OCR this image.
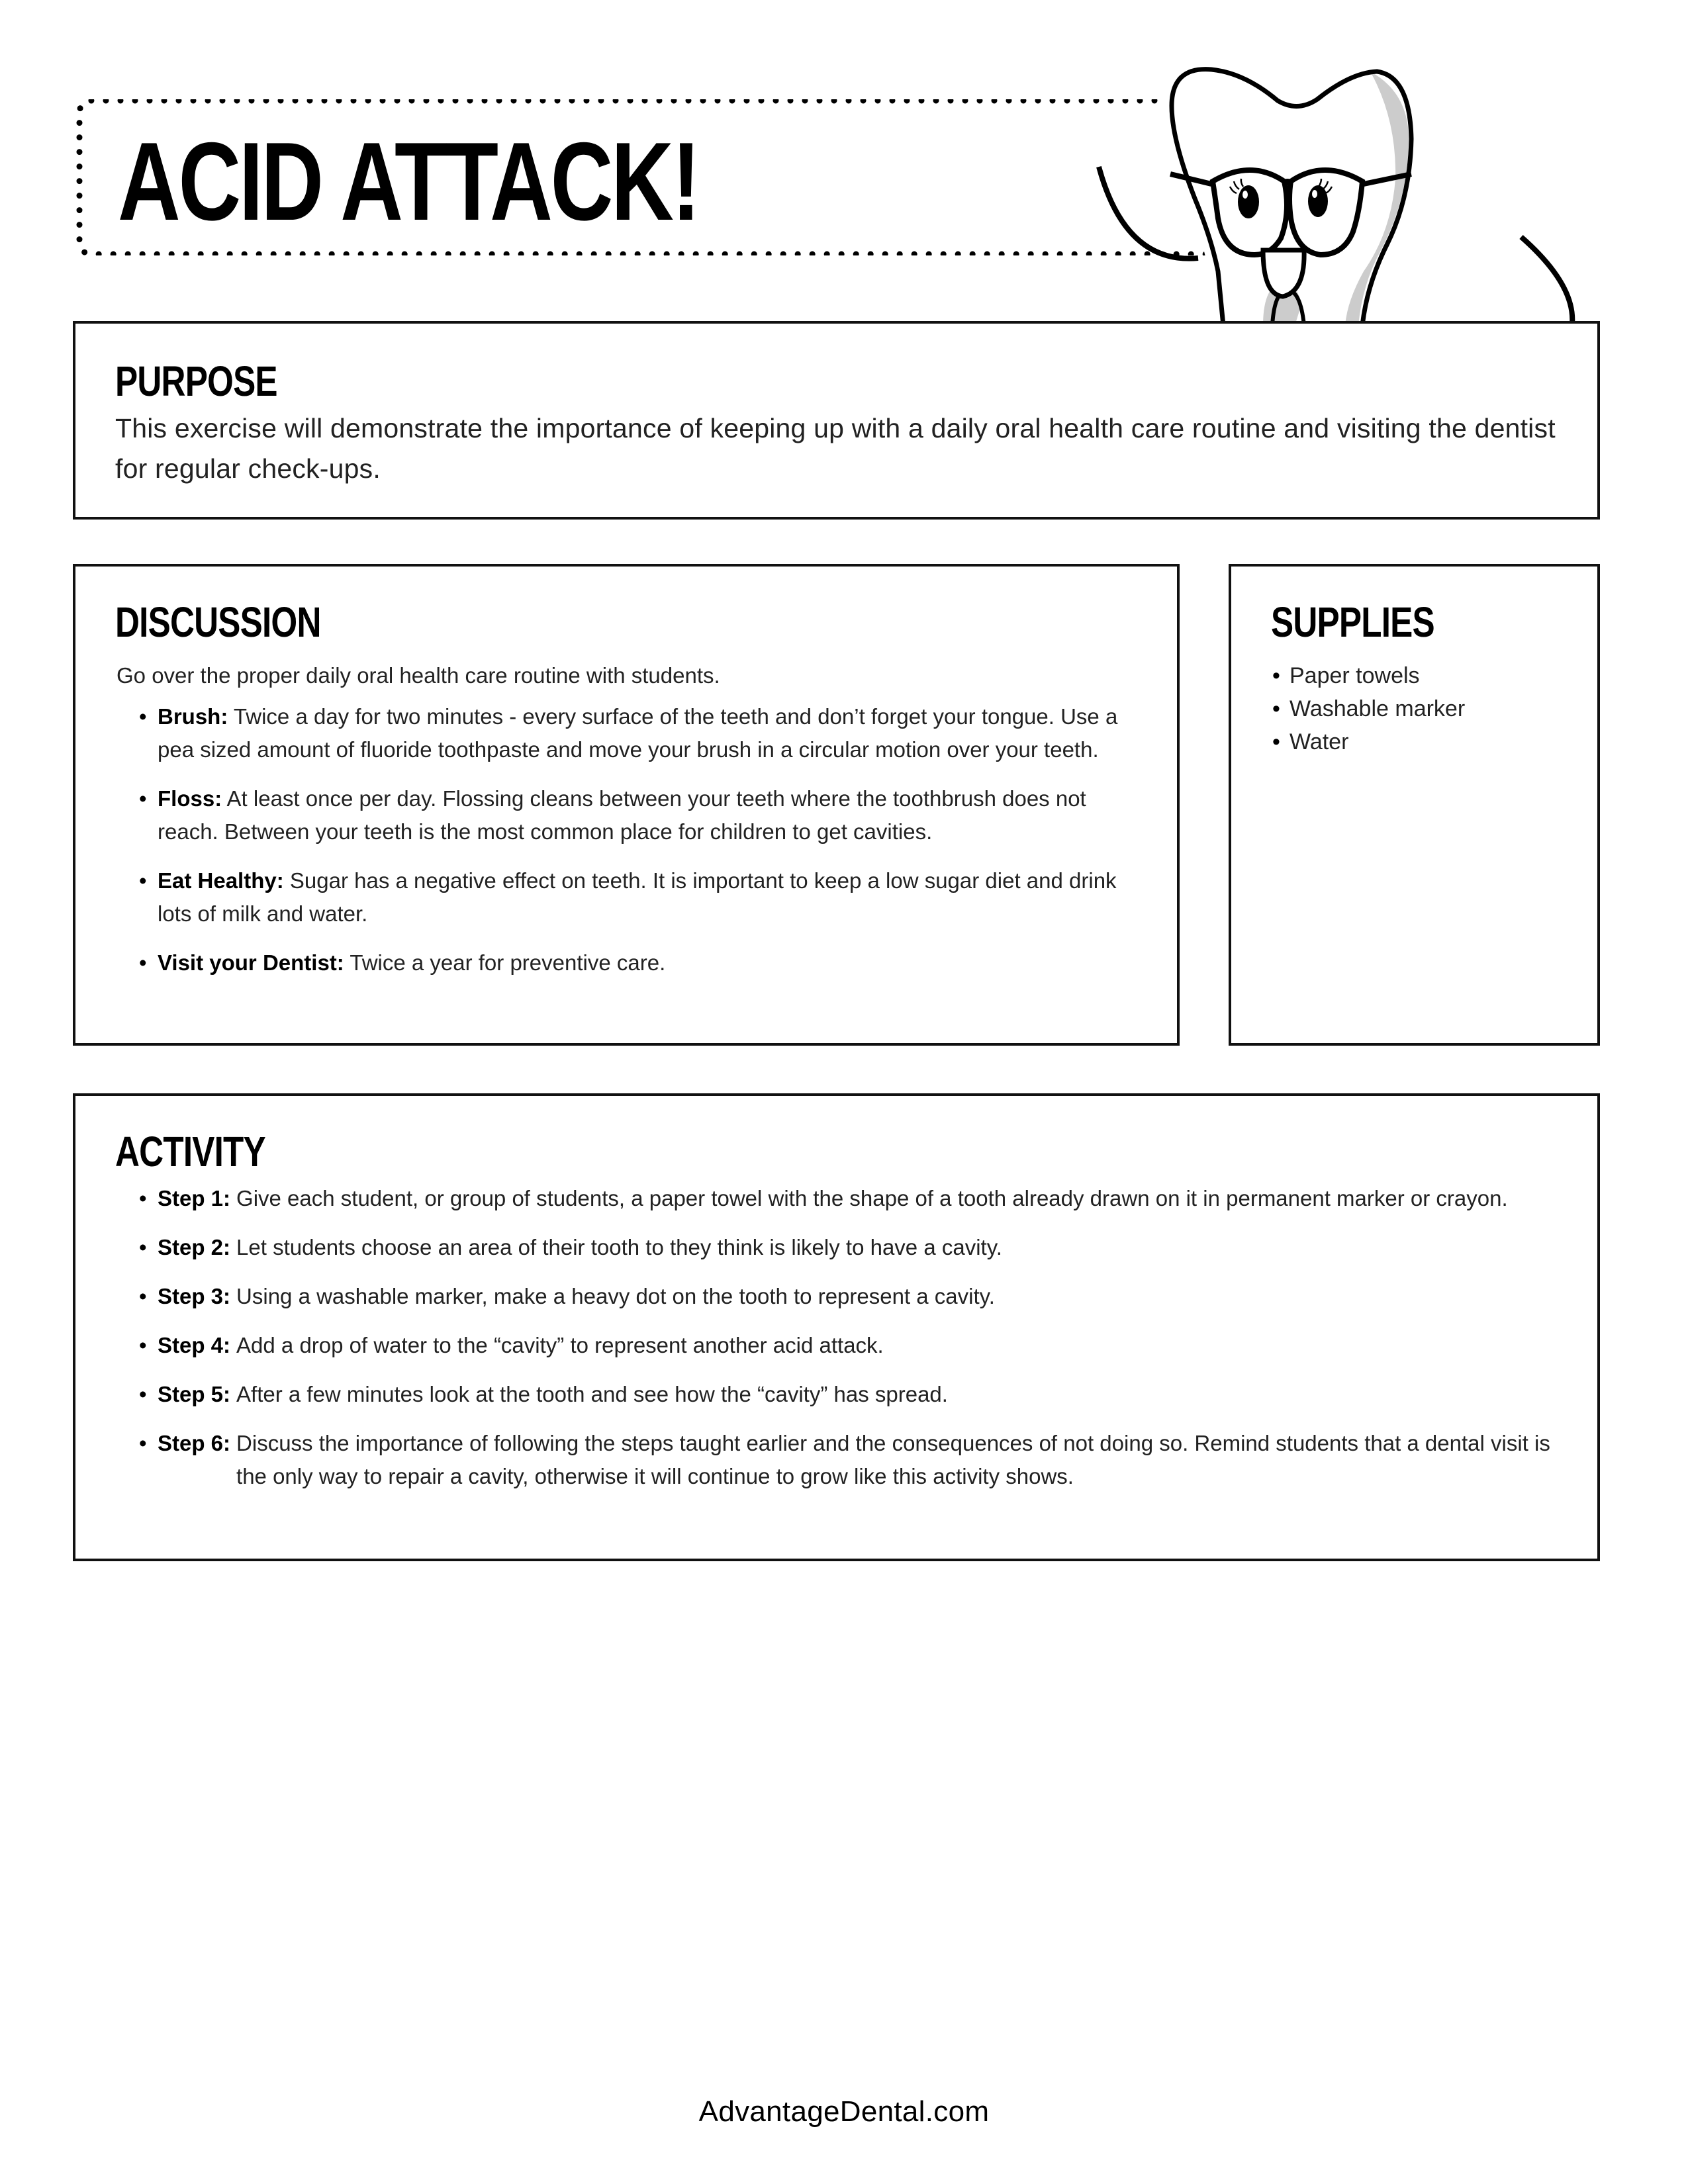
ACID ATTACK!
PURPOSE

This exercise will demonstrate the importance of keeping up with a daily oral health care routine and visiting the dentist for regular check-ups.

DISCUSSION

Go over the proper daily oral health care routine with students.

• Brush: Twice a day for two minutes - every surface of the teeth and don’t forget your tongue. Use a pea sized amount of fluoride toothpaste and move your brush in a circular motion over your teeth.
• Floss: At least once per day. Flossing cleans between your teeth where the toothbrush does not reach. Between your teeth is the most common place for children to get cavities.
• Eat Healthy: Sugar has a negative effect on teeth. It is important to keep a low sugar diet and drink lots of milk and water.
• Visit your Dentist: Twice a year for preventive care.
SUPPLIES
• Paper towels
• Washable marker
• Water
ACTIVITY
• Step 1: Give each student, or group of students, a paper towel with the shape of a tooth already drawn on it in permanent marker or crayon.
• Step 2: Let students choose an area of their tooth to they think is likely to have a cavity.
• Step 3: Using a washable marker, make a heavy dot on the tooth to represent a cavity.
• Step 4: Add a drop of water to the “cavity” to represent another acid attack.
• Step 5: After a few minutes look at the tooth and see how the “cavity” has spread.
• Step 6: Discuss the importance of following the steps taught earlier and the consequences of not doing so. Remind students that a dental visit is the only way to repair a cavity, otherwise it will continue to grow like this activity shows.
AdvantageDental.com
